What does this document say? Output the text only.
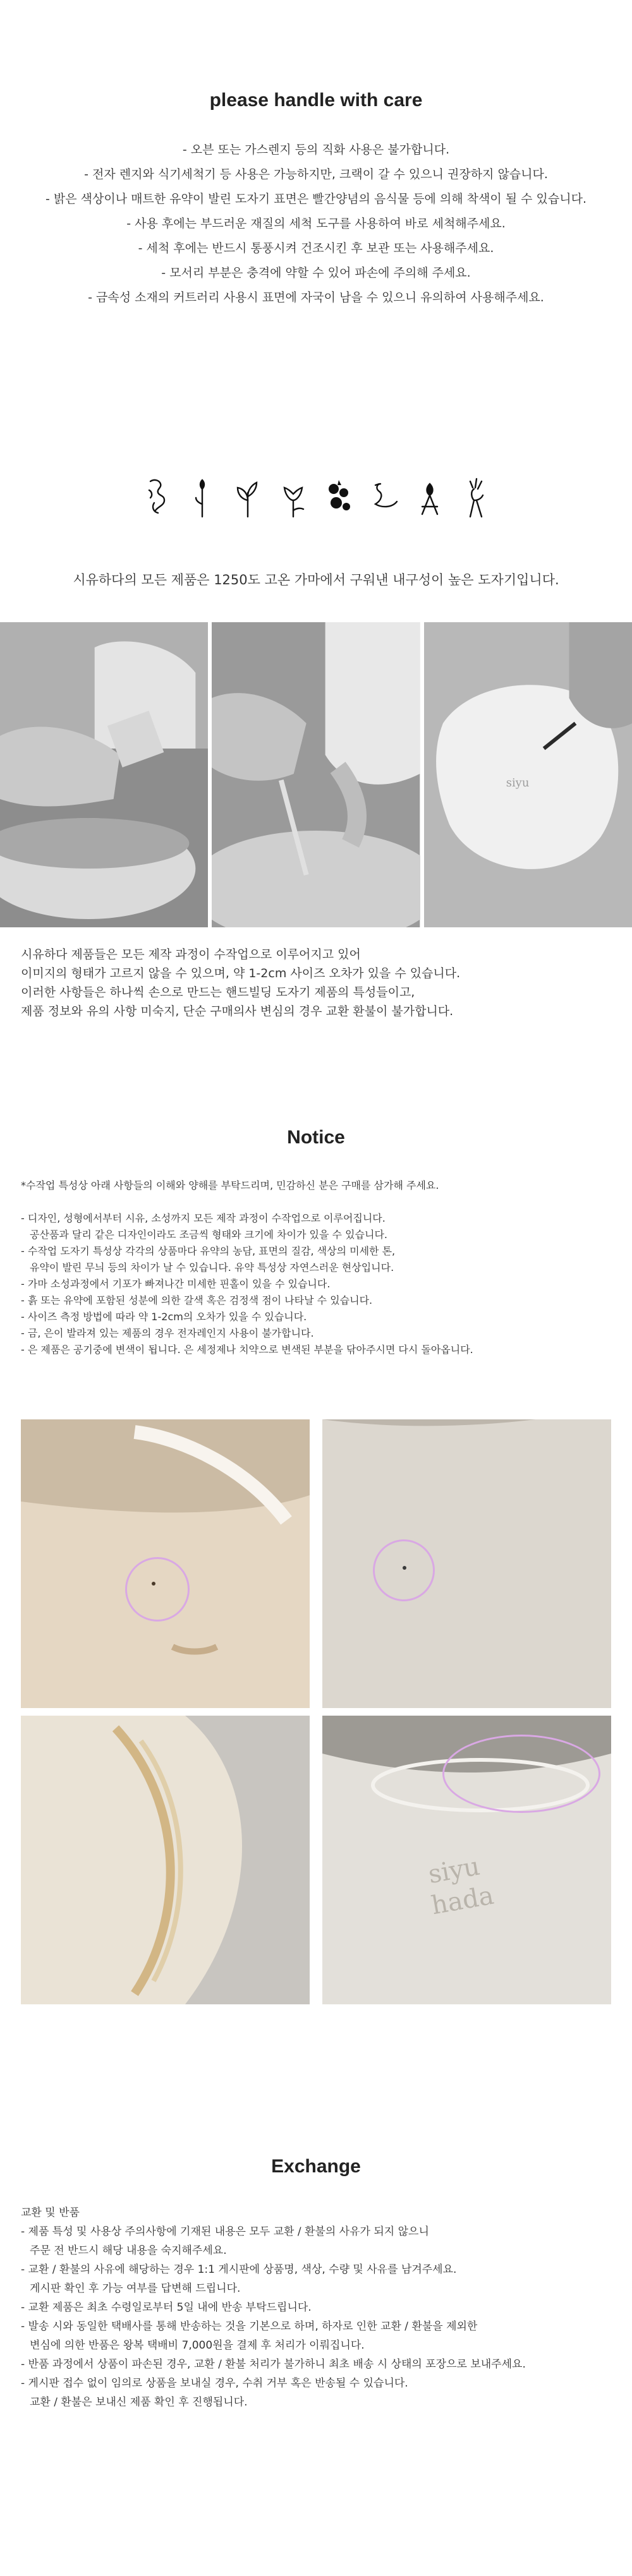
please handle with care
- 오븐 또는 가스렌지 등의 직화 사용은 불가합니다.
- 전자 렌지와 식기세척기 등 사용은 가능하지만, 크랙이 갈 수 있으니 권장하지 않습니다.
- 밝은 색상이나 매트한 유약이 발린 도자기 표면은 빨간양념의 음식물 등에 의해 착색이 될 수 있습니다.
- 사용 후에는 부드러운 재질의 세척 도구를 사용하여 바로 세척해주세요.
- 세척 후에는 반드시 통풍시켜 건조시킨 후 보관 또는 사용해주세요.
- 모서리 부분은 충격에 약할 수 있어 파손에 주의해 주세요.
- 금속성 소재의 커트러리 사용시 표면에 자국이 남을 수 있으니 유의하여 사용해주세요.
시유하다의 모든 제품은 1250도 고온 가마에서 구워낸 내구성이 높은 도자기입니다.
siyu
시유하다 제품들은 모든 제작 과정이 수작업으로 이루어지고 있어
이미지의 형태가 고르지 않을 수 있으며, 약 1-2cm 사이즈 오차가 있을 수 있습니다.
이러한 사항들은 하나씩 손으로 만드는 핸드빌딩 도자기 제품의 특성들이고,
제품 정보와 유의 사항 미숙지, 단순 구매의사 변심의 경우 교환 환불이 불가합니다.
Notice
*수작업 특성상 아래 사항들의 이해와 양해를 부탁드리며, 민감하신 분은 구매를 삼가해 주세요.
- 디자인, 성형에서부터 시유, 소성까지 모든 제작 과정이 수작업으로 이루어집니다.
공산품과 달리 같은 디자인이라도 조금씩 형태와 크기에 차이가 있을 수 있습니다.
- 수작업 도자기 특성상 각각의 상품마다 유약의 농담, 표면의 질감, 색상의 미세한 톤,
유약이 발린 무늬 등의 차이가 날 수 있습니다. 유약 특성상 자연스러운 현상입니다.
- 가마 소성과정에서 기포가 빠져나간 미세한 핀홀이 있을 수 있습니다.
- 흙 또는 유약에 포함된 성분에 의한 갈색 혹은 검정색 점이 나타날 수 있습니다.
- 사이즈 측정 방법에 따라 약 1-2cm의 오차가 있을 수 있습니다.
- 금, 은이 발라져 있는 제품의 경우 전자레인지 사용이 불가합니다.
- 은 제품은 공기중에 변색이 됩니다. 은 세정제나 치약으로 변색된 부분을 닦아주시면 다시 돌아옵니다.
siyu
hada
Exchange
교환 및 반품
- 제품 특성 및 사용상 주의사항에 기재된 내용은 모두 교환 / 환불의 사유가 되지 않으니
주문 전 반드시 해당 내용을 숙지해주세요.
- 교환 / 환불의 사유에 해당하는 경우 1:1 게시판에 상품명, 색상, 수량 및 사유를 남겨주세요.
게시판 확인 후 가능 여부를 답변해 드립니다.
- 교환 제품은 최초 수령일로부터 5일 내에 반송 부탁드립니다.
- 발송 시와 동일한 택배사를 통해 반송하는 것을 기본으로 하며, 하자로 인한 교환 / 환불을 제외한
변심에 의한 반품은 왕복 택배비 7,000원을 결제 후 처리가 이뤄집니다.
- 반품 과정에서 상품이 파손된 경우, 교환 / 환불 처리가 불가하니 최초 배송 시 상태의 포장으로 보내주세요.
- 게시판 접수 없이 임의로 상품을 보내실 경우, 수취 거부 혹은 반송될 수 있습니다.
교환 / 환불은 보내신 제품 확인 후 진행됩니다.
